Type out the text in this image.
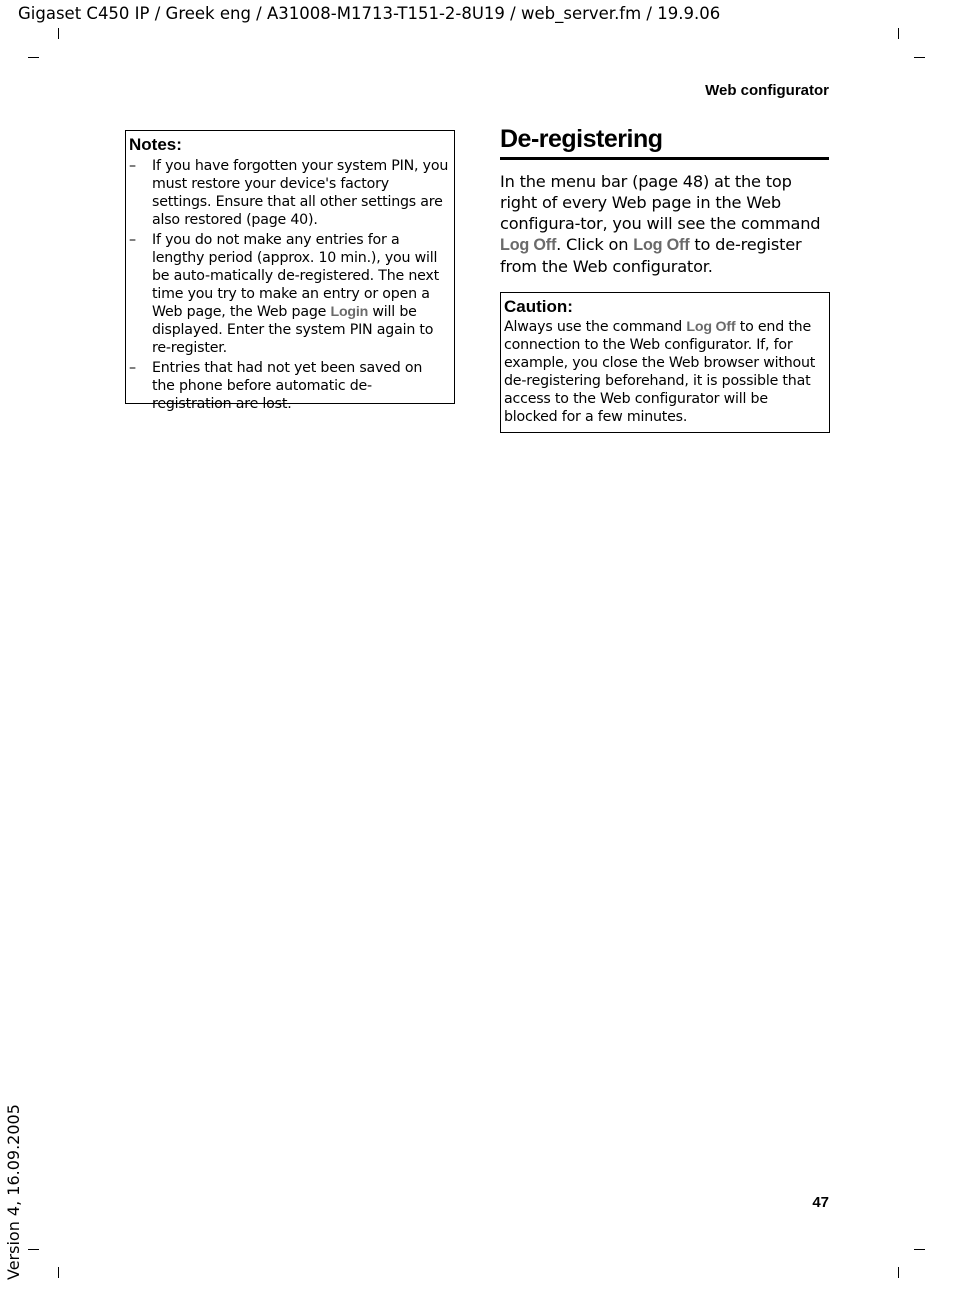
Gigaset C450 IP / Greek eng / A31008-M1713-T151-2-8U19 / web_server.fm / 19.9.06
Web configurator

Notes:

– If you have forgotten your system PIN, you must restore your device's factory settings. Ensure that all other settings are also restored (page 40).
– If you do not make any entries for a lengthy period (approx. 10 min.), you will be auto-matically de-registered. The next time you try to make an entry or open a Web page, the Web page Login will be displayed. Enter the system PIN again to re-register.
– Entries that had not yet been saved on the phone before automatic de-registration are lost.
De-registering

In the menu bar (page 48) at the top right of every Web page in the Web configura-tor, you will see the command Log Off. Click on Log Off to de-register from the Web configurator.

Caution:

Always use the command Log Off to end the connection to the Web configurator. If, for example, you close the Web browser without de-registering beforehand, it is possible that access to the Web configurator will be blocked for a few minutes.

47
Version 4, 16.09.2005
